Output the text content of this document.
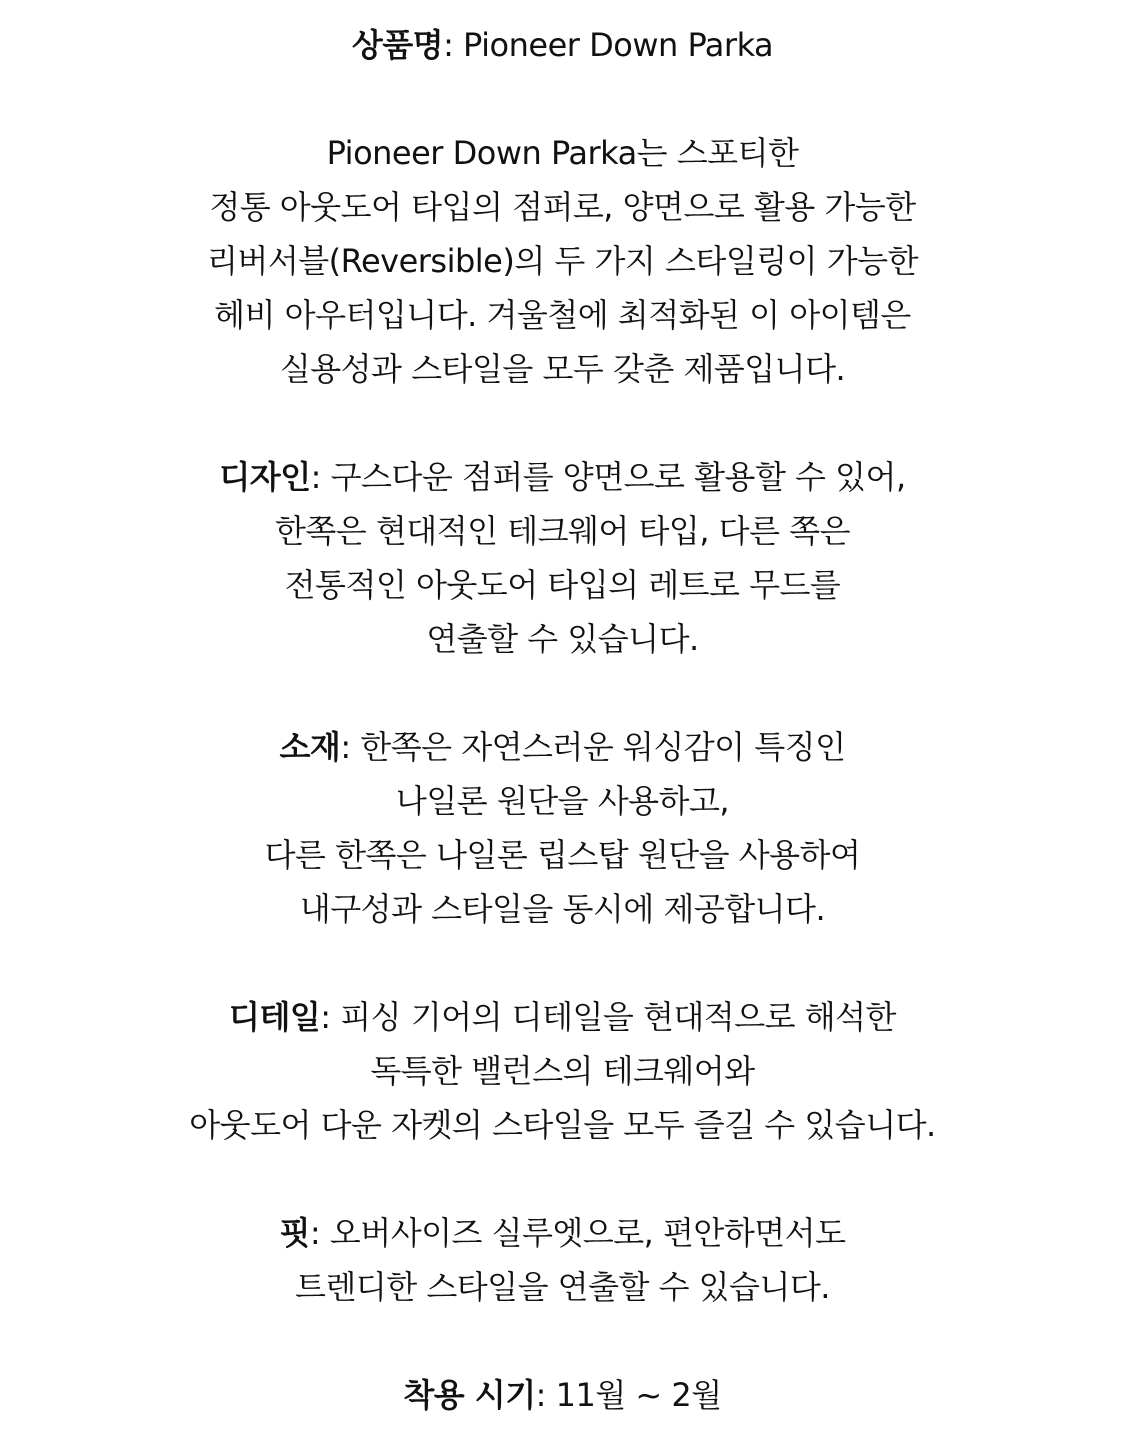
상품명: Pioneer Down Parka

Pioneer Down Parka는 스포티한
정통 아웃도어 타입의 점퍼로, 양면으로 활용 가능한
리버서블(Reversible)의 두 가지 스타일링이 가능한
헤비 아우터입니다. 겨울철에 최적화된 이 아이템은
실용성과 스타일을 모두 갖춘 제품입니다.

디자인: 구스다운 점퍼를 양면으로 활용할 수 있어,
한쪽은 현대적인 테크웨어 타입, 다른 쪽은
전통적인 아웃도어 타입의 레트로 무드를
연출할 수 있습니다.

소재: 한쪽은 자연스러운 워싱감이 특징인
나일론 원단을 사용하고,
다른 한쪽은 나일론 립스탑 원단을 사용하여
내구성과 스타일을 동시에 제공합니다.

디테일: 피싱 기어의 디테일을 현대적으로 해석한
독특한 밸런스의 테크웨어와
아웃도어 다운 자켓의 스타일을 모두 즐길 수 있습니다.

핏: 오버사이즈 실루엣으로, 편안하면서도
트렌디한 스타일을 연출할 수 있습니다.

착용 시기: 11월 ~ 2월
